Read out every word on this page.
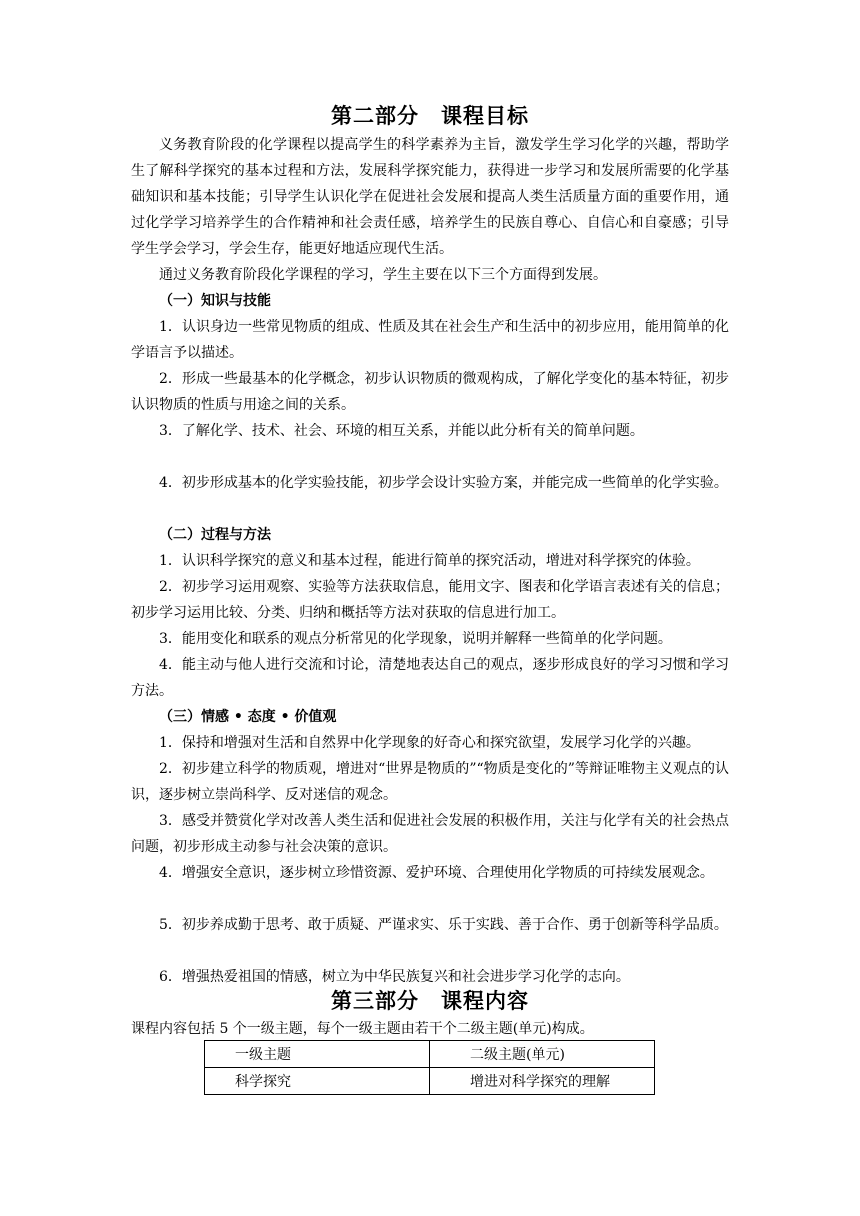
第二部分　课程目标
义务教育阶段的化学课程以提高学生的科学素养为主旨，激发学生学习化学的兴趣，帮助学生了解科学探究的基本过程和方法，发展科学探究能力，获得进一步学习和发展所需要的化学基础知识和基本技能；引导学生认识化学在促进社会发展和提高人类生活质量方面的重要作用，通过化学学习培养学生的合作精神和社会责任感，培养学生的民族自尊心、自信心和自豪感；引导学生学会学习，学会生存，能更好地适应现代生活。
通过义务教育阶段化学课程的学习，学生主要在以下三个方面得到发展。
（一）知识与技能
1．认识身边一些常见物质的组成、性质及其在社会生产和生活中的初步应用，能用简单的化学语言予以描述。
2．形成一些最基本的化学概念，初步认识物质的微观构成，了解化学变化的基本特征，初步认识物质的性质与用途之间的关系。
3．了解化学、技术、社会、环境的相互关系，并能以此分析有关的简单问题。
4．初步形成基本的化学实验技能，初步学会设计实验方案，并能完成一些简单的化学实验。
（二）过程与方法
1．认识科学探究的意义和基本过程，能进行简单的探究活动，增进对科学探究的体验。
2．初步学习运用观察、实验等方法获取信息，能用文字、图表和化学语言表述有关的信息；初步学习运用比较、分类、归纳和概括等方法对获取的信息进行加工。
3．能用变化和联系的观点分析常见的化学现象，说明并解释一些简单的化学问题。
4．能主动与他人进行交流和讨论，清楚地表达自己的观点，逐步形成良好的学习习惯和学习方法。
（三）情感 • 态度 • 价值观
1．保持和增强对生活和自然界中化学现象的好奇心和探究欲望，发展学习化学的兴趣。
2．初步建立科学的物质观，增进对“世界是物质的”“物质是变化的”等辩证唯物主义观点的认识，逐步树立崇尚科学、反对迷信的观念。
3．感受并赞赏化学对改善人类生活和促进社会发展的积极作用，关注与化学有关的社会热点问题，初步形成主动参与社会决策的意识。
4．增强安全意识，逐步树立珍惜资源、爱护环境、合理使用化学物质的可持续发展观念。
5．初步养成勤于思考、敢于质疑、严谨求实、乐于实践、善于合作、勇于创新等科学品质。
6．增强热爱祖国的情感，树立为中华民族复兴和社会进步学习化学的志向。
第三部分　课程内容
课程内容包括 5 个一级主题，每个一级主题由若干个二级主题(单元)构成。
一级主题	二级主题(单元)
科学探究	增进对科学探究的理解
